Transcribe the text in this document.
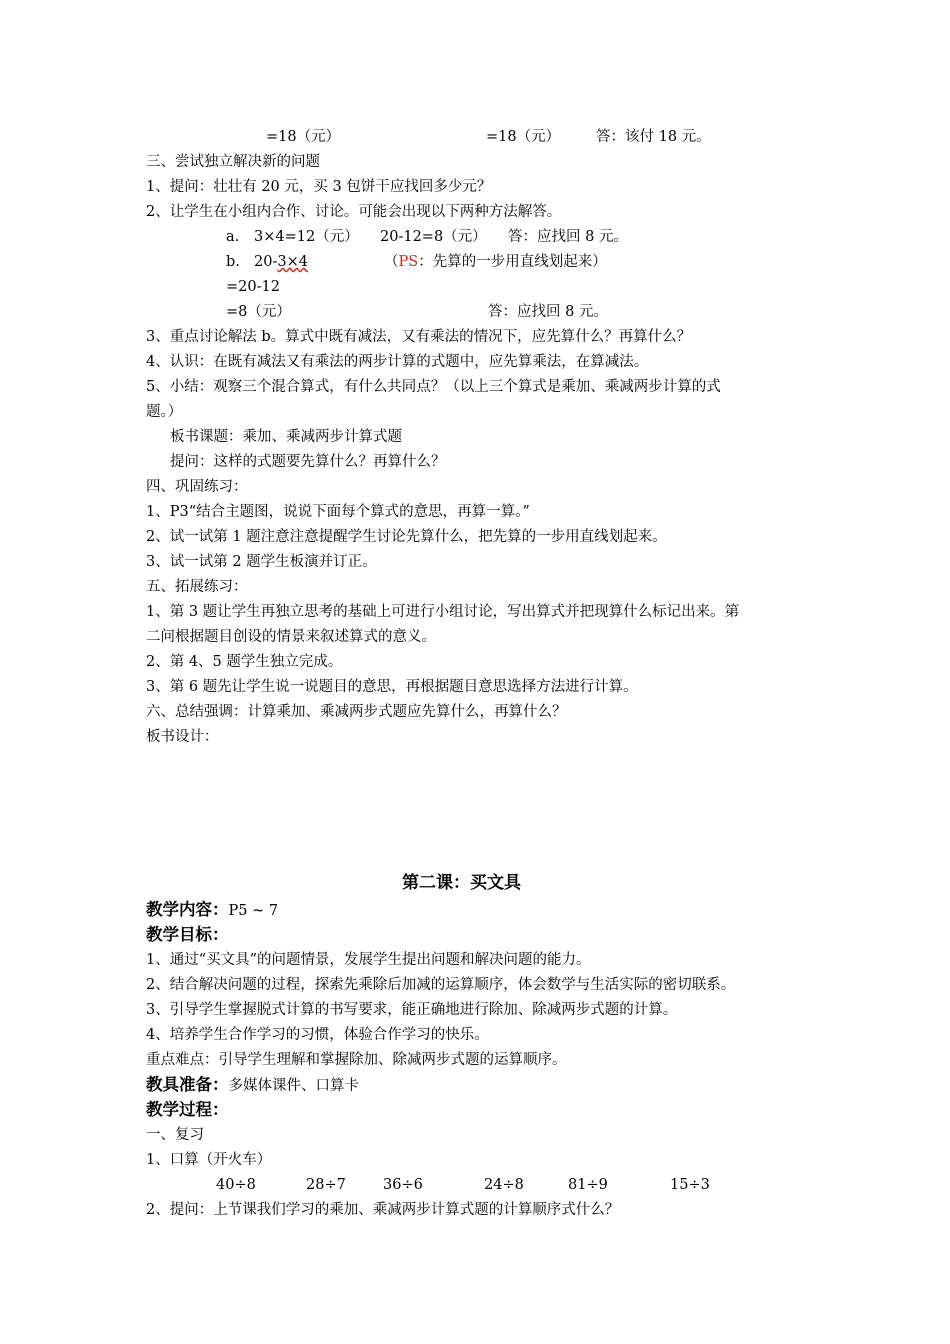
=18（元）	=18（元） 答：该付 18 元。
三、尝试独立解决新的问题
1、提问：壮壮有 20 元，买 3 包饼干应找回多少元？
2、让学生在小组内合作、讨论。可能会出现以下两种方法解答。
a. 3×4=12（元） 20-12=8（元） 答：应找回 8 元。
b. 20-3×4	（PS：先算的一步用直线划起来）
=20-12
=8（元）	答：应找回 8 元。
3、重点讨论解法 b。算式中既有减法，又有乘法的情况下，应先算什么？再算什么？
4、认识：在既有减法又有乘法的两步计算的式题中，应先算乘法，在算减法。
5、小结：观察三个混合算式，有什么共同点？（以上三个算式是乘加、乘减两步计算的式
题。）
板书课题：乘加、乘减两步计算式题
提问：这样的式题要先算什么？再算什么？
四、巩固练习：
1、P3“结合主题图，说说下面每个算式的意思，再算一算。”
2、试一试第 1 题注意注意提醒学生讨论先算什么，把先算的一步用直线划起来。
3、试一试第 2 题学生板演并订正。
五、拓展练习：
1、第 3 题让学生再独立思考的基础上可进行小组讨论，写出算式并把现算什么标记出来。第
二问根据题目创设的情景来叙述算式的意义。
2、第 4、5 题学生独立完成。
3、第 6 题先让学生说一说题目的意思，再根据题目意思选择方法进行计算。
六、总结强调：计算乘加、乘减两步式题应先算什么，再算什么？
板书设计：
第二课：买文具
教学内容：P5 ~ 7
教学目标：
1、通过“买文具”的问题情景，发展学生提出问题和解决问题的能力。
2、结合解决问题的过程，探索先乘除后加减的运算顺序，体会数学与生活实际的密切联系。
3、引导学生掌握脱式计算的书写要求，能正确地进行除加、除减两步式题的计算。
4、培养学生合作学习的习惯，体验合作学习的快乐。
重点难点：引导学生理解和掌握除加、除减两步式题的运算顺序。
教具准备：多媒体课件、口算卡
教学过程：
一、复习
1、口算（开火车）
40÷8	28÷7	36÷6	24÷8	81÷9	15÷3
2、提问：上节课我们学习的乘加、乘减两步计算式题的计算顺序式什么？
